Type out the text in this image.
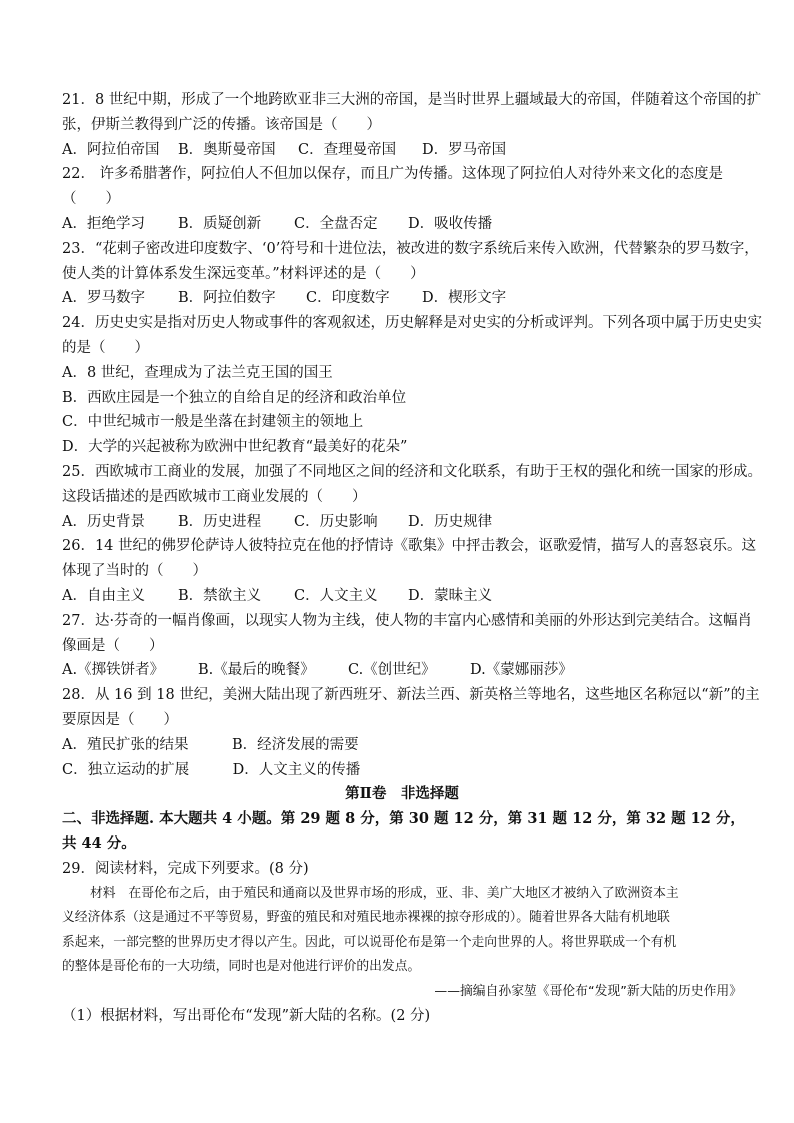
21．8 世纪中期，形成了一个地跨欧亚非三大洲的帝国，是当时世界上疆域最大的帝国，伴随着这个帝国的扩
张，伊斯兰教得到广泛的传播。该帝国是（　　）
A．阿拉伯帝国	B．奥斯曼帝国	C．查理曼帝国	D．罗马帝国
22． 许多希腊著作，阿拉伯人不但加以保存，而且广为传播。这体现了阿拉伯人对待外来文化的态度是
（　　）
A．拒绝学习	B．质疑创新	C．全盘否定	D．吸收传播
23．“花剌子密改进印度数字、‘0’符号和十进位法，被改进的数字系统后来传入欧洲，代替繁杂的罗马数字，
使人类的计算体系发生深远变革。”材料评述的是（　　）
A．罗马数字	B．阿拉伯数字	C．印度数字	D．楔形文字
24．历史史实是指对历史人物或事件的客观叙述，历史解释是对史实的分析或评判。下列各项中属于历史史实
的是（　　）
A．8 世纪，查理成为了法兰克王国的国王
B．西欧庄园是一个独立的自给自足的经济和政治单位
C．中世纪城市一般是坐落在封建领主的领地上
D．大学的兴起被称为欧洲中世纪教育“最美好的花朵”
25．西欧城市工商业的发展，加强了不同地区之间的经济和文化联系，有助于王权的强化和统一国家的形成。
这段话描述的是西欧城市工商业发展的（　　）
A．历史背景	B．历史进程	C．历史影响	D．历史规律
26．14 世纪的佛罗伦萨诗人彼特拉克在他的抒情诗《歌集》中抨击教会，讴歌爱情，描写人的喜怒哀乐。这
体现了当时的（　　）
A．自由主义	B．禁欲主义	C．人文主义	D．蒙昧主义
27．达·芬奇的一幅肖像画，以现实人物为主线，使人物的丰富内心感情和美丽的外形达到完美结合。这幅肖
像画是（　　）
A.《掷铁饼者》	B.《最后的晚餐》	C.《创世纪》	D.《蒙娜丽莎》
28．从 16 到 18 世纪，美洲大陆出现了新西班牙、新法兰西、新英格兰等地名，这些地区名称冠以“新”的主
要原因是（　　）
A．殖民扩张的结果　　　B．经济发展的需要
C．独立运动的扩展　　　D．人文主义的传播
第Ⅱ卷　非选择题
二、非选择题. 本大题共 4 小题。第 29 题 8 分，第 30 题 12 分，第 31 题 12 分，第 32 题 12 分，
共 44 分。
29．阅读材料，完成下列要求。(8 分)
材料　在哥伦布之后，由于殖民和通商以及世界市场的形成，亚、非、美广大地区才被纳入了欧洲资本主
义经济体系（这是通过不平等贸易，野蛮的殖民和对殖民地赤裸裸的掠夺形成的）。随着世界各大陆有机地联
系起来，一部完整的世界历史才得以产生。因此，可以说哥伦布是第一个走向世界的人。将世界联成一个有机
的整体是哥伦布的一大功绩，同时也是对他进行评价的出发点。
——摘编自孙家堃《哥伦布“发现”新大陆的历史作用》
（1）根据材料，写出哥伦布“发现”新大陆的名称。(2 分)
